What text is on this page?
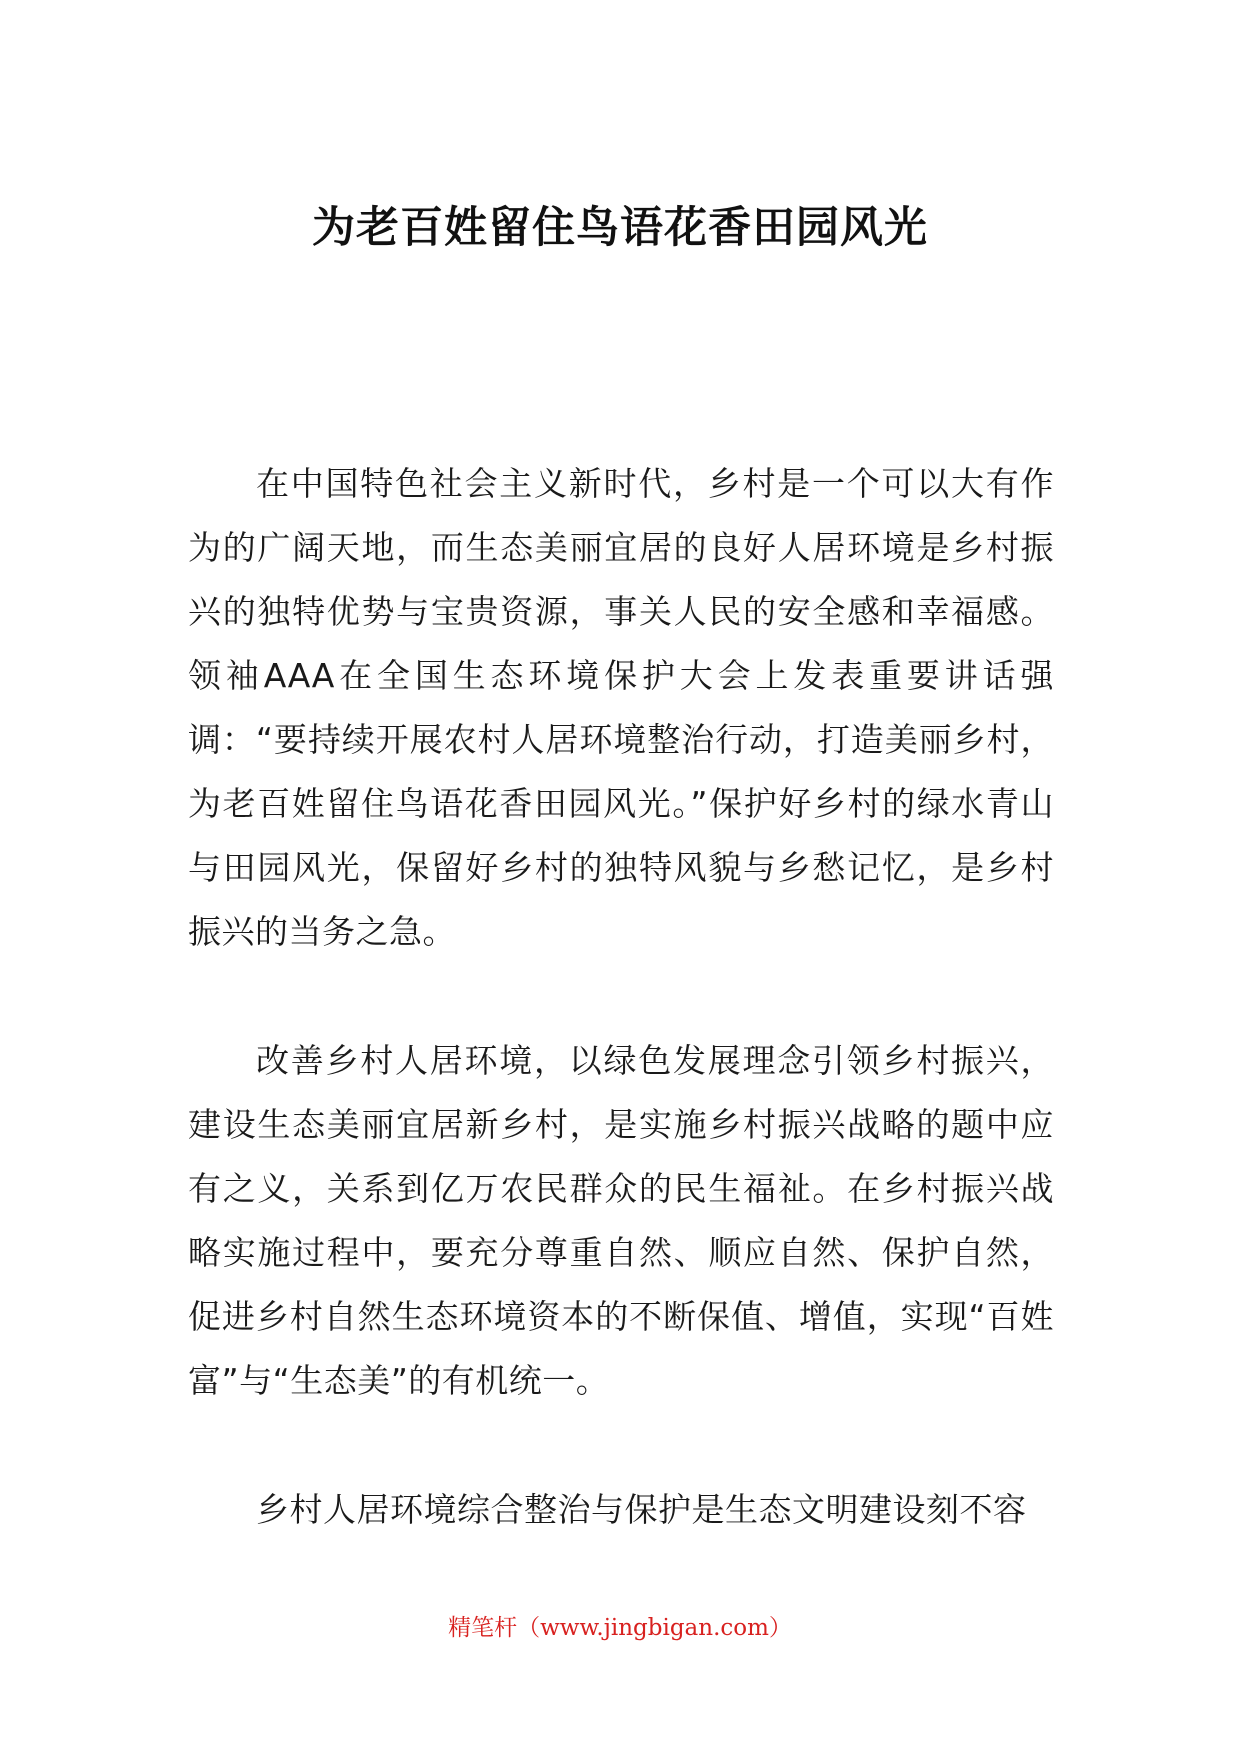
为老百姓留住鸟语花香田园风光

在中国特色社会主义新时代，乡村是一个可以大有作为的广阔天地，而生态美丽宜居的良好人居环境是乡村振兴的独特优势与宝贵资源，事关人民的安全感和幸福感。领袖AAA在全国生态环境保护大会上发表重要讲话强调：“要持续开展农村人居环境整治行动，打造美丽乡村，为老百姓留住鸟语花香田园风光。”保护好乡村的绿水青山与田园风光，保留好乡村的独特风貌与乡愁记忆，是乡村振兴的当务之急。

改善乡村人居环境，以绿色发展理念引领乡村振兴，建设生态美丽宜居新乡村，是实施乡村振兴战略的题中应有之义，关系到亿万农民群众的民生福祉。在乡村振兴战略实施过程中，要充分尊重自然、顺应自然、保护自然，促进乡村自然生态环境资本的不断保值、增值，实现“百姓富”与“生态美”的有机统一。

乡村人居环境综合整治与保护是生态文明建设刻不容

精笔杆（www.jingbigan.com）
